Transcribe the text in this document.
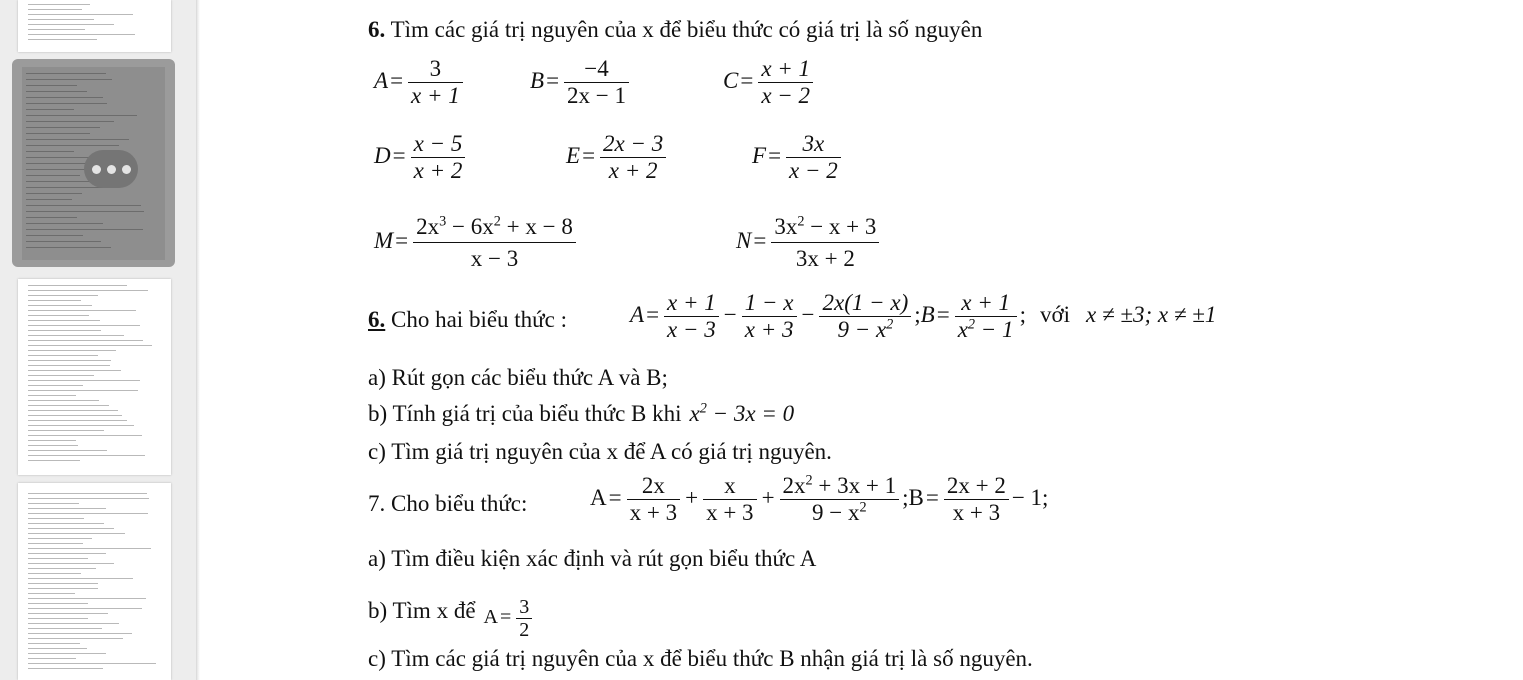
6. Tìm các giá trị nguyên của x để biểu thức có giá trị là số nguyên
$A= \frac{3}{x + 1}$	$B= \frac{-4}{2x - 1}$	$C= \frac{x + 1}{x - 2}$
$D= \frac{x - 5}{x + 2}$	$E= \frac{2x - 3}{x + 2}$	$F= \frac{3x}{x - 2}$
$M= \frac{2x^3 - 6x^2 + x - 8}{x - 3}$	$N= \frac{3x^2 - x + 3}{3x + 2}$
6. Cho hai biểu thức :	$A= \frac{x + 1}{x - 3} - \frac{1 - x}{x + 3} - \frac{2x(1 - x)}{9 - x^2}$ ;B= $\frac{x + 1}{x^2 - 1}$ ; với x ≠ ±3; x ≠ ±1
a) Rút gọn các biểu thức A và B;
b) Tính giá trị của biểu thức B khi $x^2 - 3x = 0$
c) Tìm giá trị nguyên của x để A có giá trị nguyên.
7. Cho biểu thức:	$A= \frac{2x}{x + 3} + \frac{x}{x + 3} + \frac{2x^2 + 3x + 1}{9 - x^2}$ ;B= $\frac{2x + 2}{x + 3} - 1$;
a) Tìm điều kiện xác định và rút gọn biểu thức A
b) Tìm x để $A = \frac{3}{2}$
c) Tìm các giá trị nguyên của x để biểu thức B nhận giá trị là số nguyên.
